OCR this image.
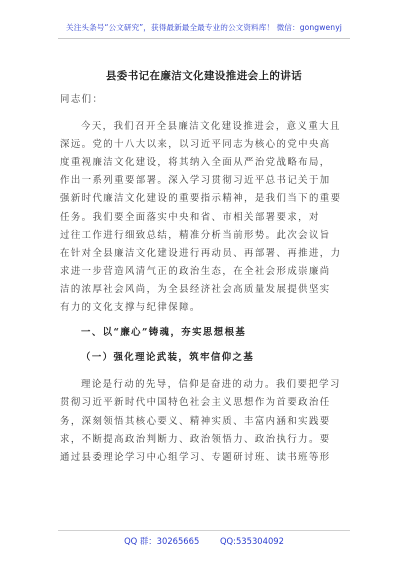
关注头条号“公文研究”，获得最新最全最专业的公文资料库！ 微信：gongwenyj
县委书记在廉洁文化建设推进会上的讲话

同志们：

今天，我们召开全县廉洁文化建设推进会，意义重大且
深远。党的十八大以来，以习近平同志为核心的党中央高
度重视廉洁文化建设，将其纳入全面从严治党战略布局，
作出一系列重要部署。深入学习贯彻习近平总书记关于加
强新时代廉洁文化建设的重要指示精神，是我们当下的重要
任务。我们要全面落实中央和省、市相关部署要求，对
过往工作进行细致总结，精准分析当前形势。此次会议旨
在针对全县廉洁文化建设进行再动员、再部署、再推进，力
求进一步营造风清气正的政治生态，在全社会形成崇廉尚
洁的浓厚社会风尚，为全县经济社会高质量发展提供坚实
有力的文化支撑与纪律保障。

一、以“廉心”铸魂，夯实思想根基

（一）强化理论武装，筑牢信仰之基

理论是行动的先导，信仰是奋进的动力。我们要把学习
贯彻习近平新时代中国特色社会主义思想作为首要政治任
务，深刻领悟其核心要义、精神实质、丰富内涵和实践要
求，不断提高政治判断力、政治领悟力、政治执行力。要
通过县委理论学习中心组学习、专题研讨班、读书班等形

QQ 群：30265665 QQ:535304092
